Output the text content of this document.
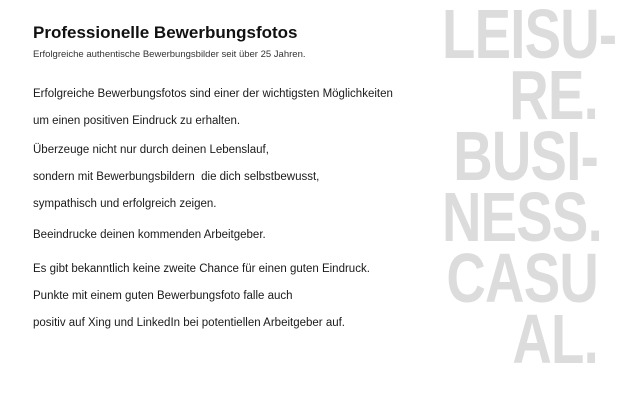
Professionelle Bewerbungsfotos

Erfolgreiche authentische Bewerbungsbilder seit über 25 Jahren.

Erfolgreiche Bewerbungsfotos sind einer der wichtigsten Möglichkeiten

um einen positiven Eindruck zu erhalten.

Überzeuge nicht nur durch deinen Lebenslauf,

sondern mit Bewerbungsbildern  die dich selbstbewusst,

sympathisch und erfolgreich zeigen.

Beeindrucke deinen kommenden Arbeitgeber.

Es gibt bekanntlich keine zweite Chance für einen guten Eindruck.

Punkte mit einem guten Bewerbungsfoto falle auch

positiv auf Xing und LinkedIn bei potentiellen Arbeitgeber auf.

LEISU-
RE.
BUSI-
NESS.
CASU
AL.
